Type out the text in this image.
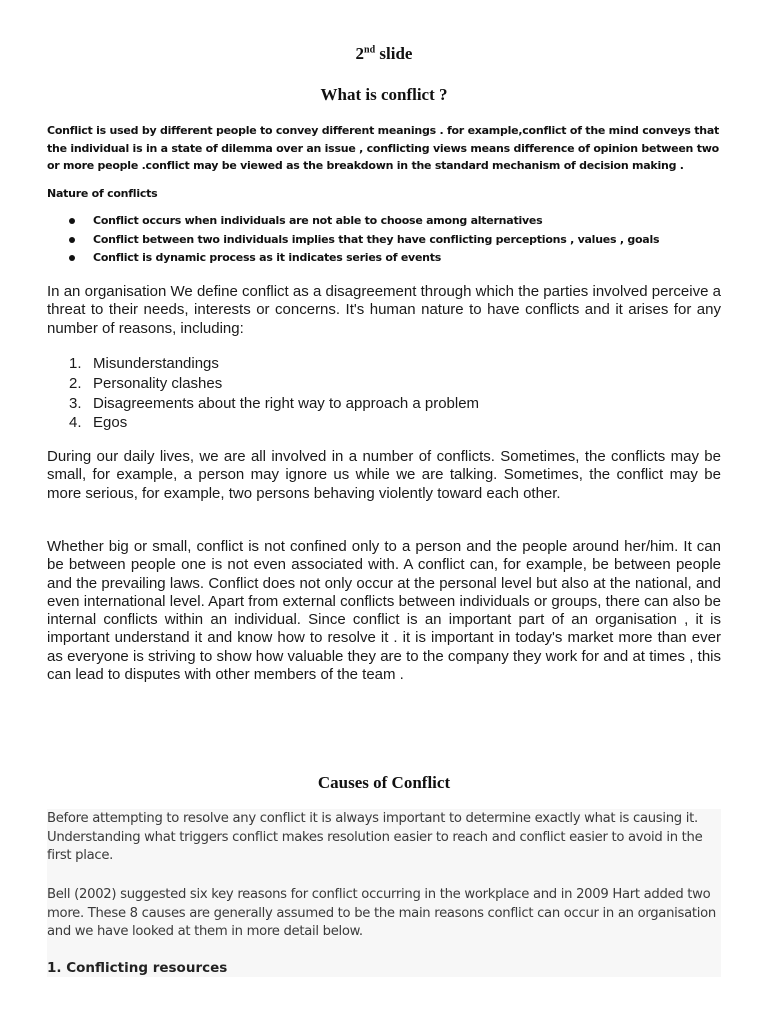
2nd slide
What is conflict ?
Conflict is used by different people to convey different meanings . for example,conflict of the mind conveys that the individual is in a state of dilemma over an issue , conflicting views means difference of opinion between two or more people .conflict may be viewed as the breakdown in the standard mechanism of decision making .
Nature of conflicts
Conflict occurs when individuals are not able to choose among alternatives
Conflict between two individuals implies that they have conflicting perceptions , values , goals
Conflict is dynamic process as it indicates series of events

In an organisation We define conflict as a disagreement through which the parties involved perceive a threat to their needs, interests or concerns. It's human nature to have conflicts and it arises for any number of reasons, including:

1. Misunderstandings
2. Personality clashes
3. Disagreements about the right way to approach a problem
4. Egos

During our daily lives, we are all involved in a number of conflicts. Sometimes, the conflicts may be small, for example, a person may ignore us while we are talking. Sometimes, the conflict may be more serious, for example, two persons behaving violently toward each other.

Whether big or small, conflict is not confined only to a person and the people around her/him. It can be between people one is not even associated with. A conflict can, for example, be between people and the prevailing laws. Conflict does not only occur at the personal level but also at the national, and even international level. Apart from external conflicts between individuals or groups, there can also be internal conflicts within an individual. Since conflict is an important part of an organisation , it is important understand it and know how to resolve it . it is important in today's market more than ever as everyone is striving to show how valuable they are to the company they work for and at times , this can lead to disputes with other members of the team .

Causes of Conflict

Before attempting to resolve any conflict it is always important to determine exactly what is causing it. Understanding what triggers conflict makes resolution easier to reach and conflict easier to avoid in the first place.

Bell (2002) suggested six key reasons for conflict occurring in the workplace and in 2009 Hart added two more. These 8 causes are generally assumed to be the main reasons conflict can occur in an organisation and we have looked at them in more detail below.

1. Conflicting resources
